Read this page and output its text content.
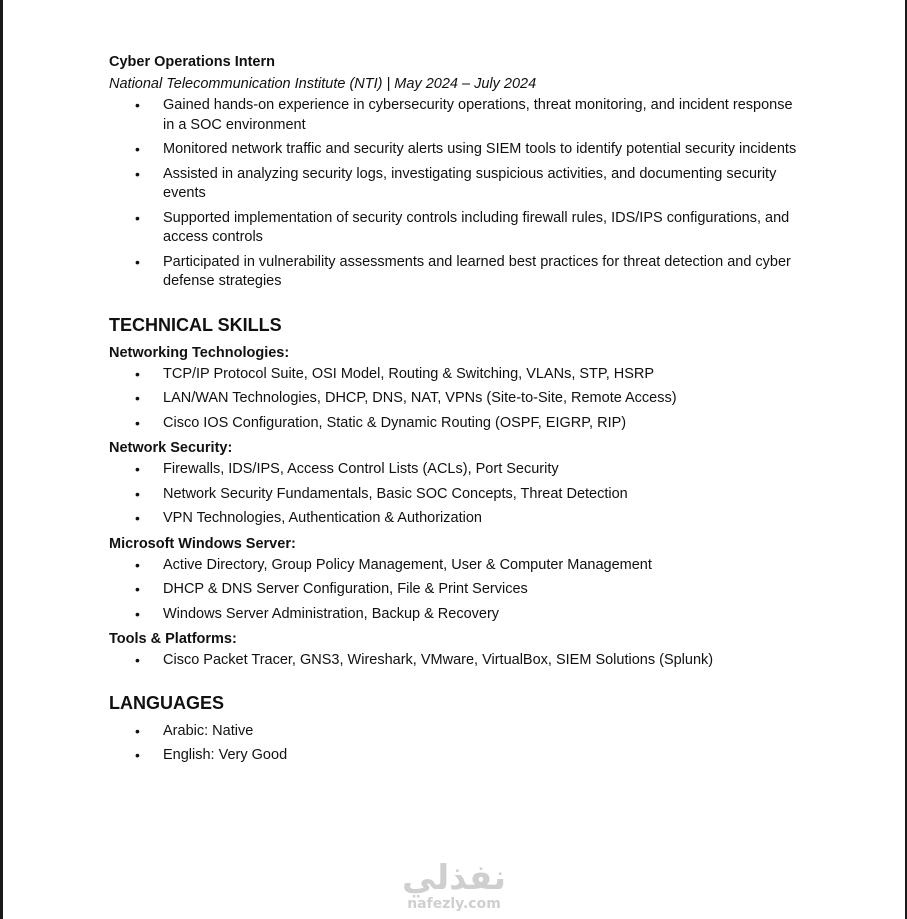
Cyber Operations Intern

National Telecommunication Institute (NTI) | May 2024 – July 2024

• Gained hands-on experience in cybersecurity operations, threat monitoring, and incident response in a SOC environment
• Monitored network traffic and security alerts using SIEM tools to identify potential security incidents
• Assisted in analyzing security logs, investigating suspicious activities, and documenting security events
• Supported implementation of security controls including firewall rules, IDS/IPS configurations, and access controls
• Participated in vulnerability assessments and learned best practices for threat detection and cyber defense strategies
TECHNICAL SKILLS

Networking Technologies:

• TCP/IP Protocol Suite, OSI Model, Routing & Switching, VLANs, STP, HSRP
• LAN/WAN Technologies, DHCP, DNS, NAT, VPNs (Site-to-Site, Remote Access)
• Cisco IOS Configuration, Static & Dynamic Routing (OSPF, EIGRP, RIP)

Network Security:

• Firewalls, IDS/IPS, Access Control Lists (ACLs), Port Security
• Network Security Fundamentals, Basic SOC Concepts, Threat Detection
• VPN Technologies, Authentication & Authorization

Microsoft Windows Server:

• Active Directory, Group Policy Management, User & Computer Management
• DHCP & DNS Server Configuration, File & Print Services
• Windows Server Administration, Backup & Recovery

Tools & Platforms:

• Cisco Packet Tracer, GNS3, Wireshark, VMware, VirtualBox, SIEM Solutions (Splunk)
LANGUAGES
• Arabic: Native
• English: Very Good
نفذلي
nafezly.com
